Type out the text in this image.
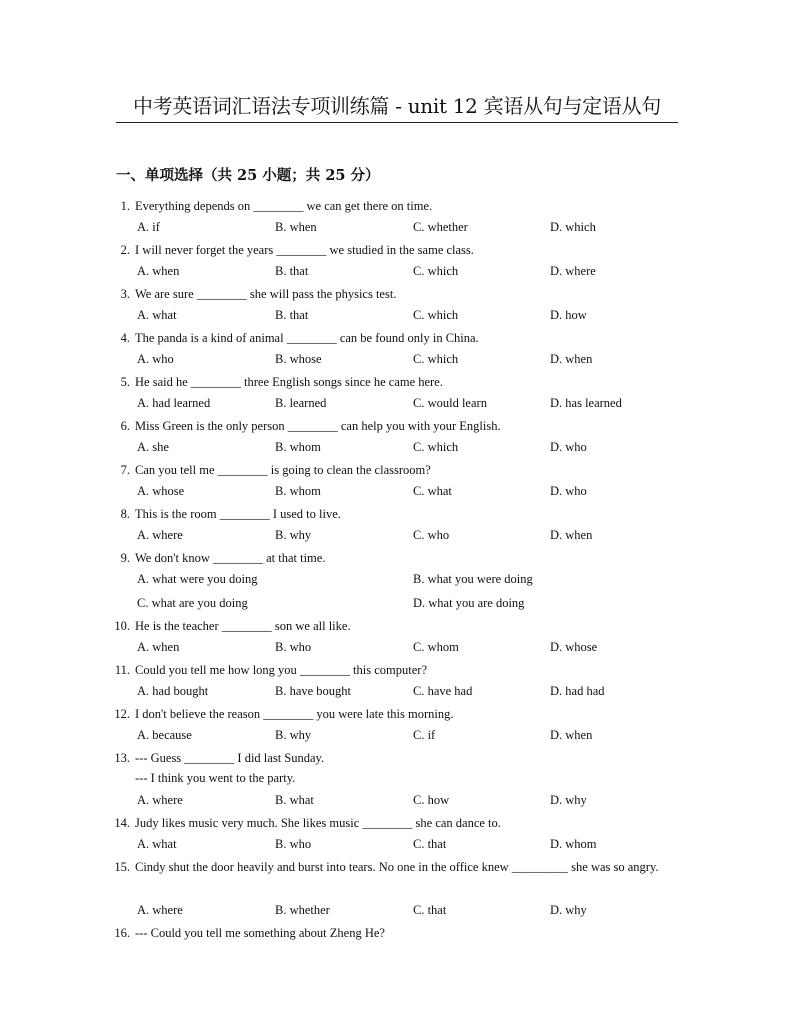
中考英语词汇语法专项训练篇 - unit 12 宾语从句与定语从句
一、单项选择（共 25 小题；共 25 分）
1. Everything depends on ________ we can get there on time.
A. if	B. when	C. whether	D. which
2. I will never forget the years ________ we studied in the same class.
A. when	B. that	C. which	D. where
3. We are sure ________ she will pass the physics test.
A. what	B. that	C. which	D. how
4. The panda is a kind of animal ________ can be found only in China.
A. who	B. whose	C. which	D. when
5. He said he ________ three English songs since he came here.
A. had learned	B. learned	C. would learn	D. has learned
6. Miss Green is the only person ________ can help you with your English.
A. she	B. whom	C. which	D. who
7. Can you tell me ________ is going to clean the classroom?
A. whose	B. whom	C. what	D. who
8. This is the room ________ I used to live.
A. where	B. why	C. who	D. when
9. We don't know ________ at that time.
A. what were you doing	B. what you were doing
C. what are you doing	D. what you are doing
10. He is the teacher ________ son we all like.
A. when	B. who	C. whom	D. whose
11. Could you tell me how long you ________ this computer?
A. had bought	B. have bought	C. have had	D. had had
12. I don't believe the reason ________ you were late this morning.
A. because	B. why	C. if	D. when
13. --- Guess ________ I did last Sunday.
--- I think you went to the party.
A. where	B. what	C. how	D. why
14. Judy likes music very much. She likes music ________ she can dance to.
A. what	B. who	C. that	D. whom
15. Cindy shut the door heavily and burst into tears. No one in the office knew _________ she was so angry.
A. where	B. whether	C. that	D. why
16. --- Could you tell me something about Zheng He?
